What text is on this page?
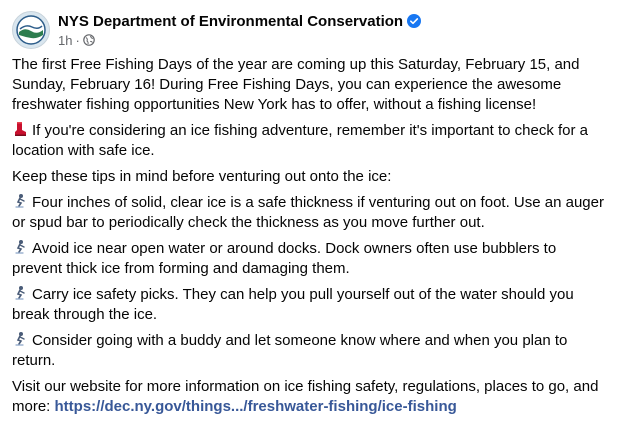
NYS Department of Environmental Conservation
1h ·

The first Free Fishing Days of the year are coming up this Saturday, February 15, and Sunday, February 16! During Free Fishing Days, you can experience the awesome freshwater fishing opportunities New York has to offer, without a fishing license!

If you're considering an ice fishing adventure, remember it's important to check for a location with safe ice.

Keep these tips in mind before venturing out onto the ice:

Four inches of solid, clear ice is a safe thickness if venturing out on foot. Use an auger or spud bar to periodically check the thickness as you move further out.

Avoid ice near open water or around docks. Dock owners often use bubblers to prevent thick ice from forming and damaging them.

Carry ice safety picks. They can help you pull yourself out of the water should you break through the ice.

Consider going with a buddy and let someone know where and when you plan to return.

Visit our website for more information on ice fishing safety, regulations, places to go, and more: https://dec.ny.gov/things.../freshwater-fishing/ice-fishing
